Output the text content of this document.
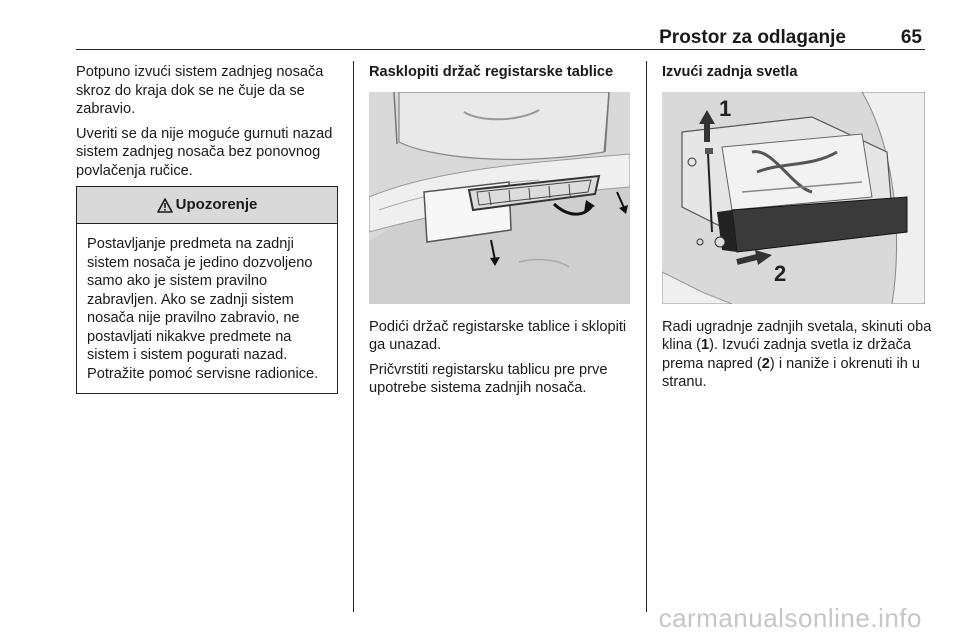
Prostor za odlaganje	65

Potpuno izvući sistem zadnjeg nosača skroz do kraja dok se ne čuje da se zabravio.

Uveriti se da nije moguće gurnuti nazad sistem zadnjeg nosača bez ponovnog povlačenja ručice.

Upozorenje
Postavljanje predmeta na zadnji sistem nosača je jedino dozvoljeno samo ako je sistem pravilno zabravljen. Ako se zadnji sistem nosača nije pravilno zabravio, ne postavljati nikakve predmete na sistem i sistem pogurati nazad. Potražite pomoć servisne radionice.
Rasklopiti držač registarske tablice

Podići držač registarske tablice i sklopiti ga unazad.

Pričvrstiti registarsku tablicu pre prve upotrebe sistema zadnjih nosača.

Izvući zadnja svetla
1
2

Radi ugradnje zadnjih svetala, skinuti oba klina (1). Izvući zadnja svetla iz držača prema napred (2) i naniže i okrenuti ih u stranu.

carmanualsonline.info
